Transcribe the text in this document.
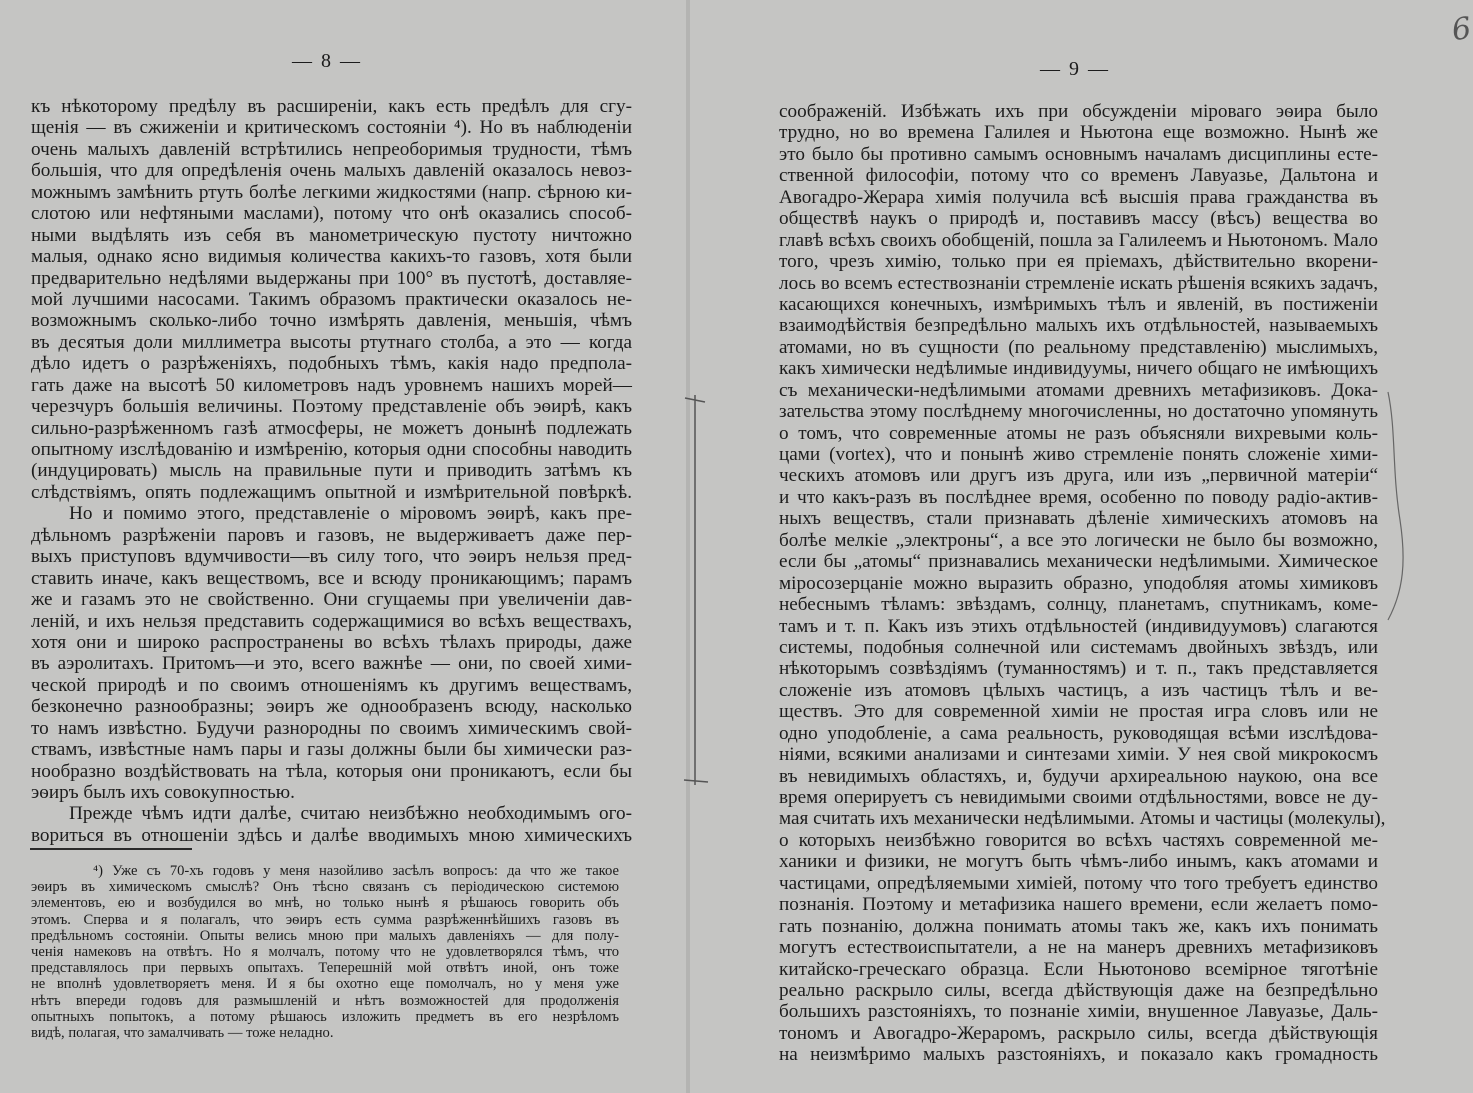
— 8 —	— 9 —
6
къ нѣкоторому предѣлу въ расширеніи, какъ есть предѣлъ для сгу-
щенія — въ сжиженіи и критическомъ состояніи ⁴). Но въ наблюденіи
очень малыхъ давленій встрѣтились непреоборимыя трудности, тѣмъ
большія, что для опредѣленія очень малыхъ давленій оказалось невоз-
можнымъ замѣнить ртуть болѣе легкими жидкостями (напр. сѣрною ки-
слотою или нефтяными маслами), потому что онѣ оказались способ-
ными выдѣлять изъ себя въ манометрическую пустоту ничтожно
малыя, однако ясно видимыя количества какихъ-то газовъ, хотя были
предварительно недѣлями выдержаны при 100° въ пустотѣ, доставляе-
мой лучшими насосами. Такимъ образомъ практически оказалось не-
возможнымъ сколько-либо точно измѣрять давленія, меньшія, чѣмъ
въ десятыя доли миллиметра высоты ртутнаго столба, а это — когда
дѣло идетъ о разрѣженіяхъ, подобныхъ тѣмъ, какія надо предпола-
гать даже на высотѣ 50 километровъ надъ уровнемъ нашихъ морей—
черезчуръ большія величины. Поэтому представленіе объ эѳирѣ, какъ
сильно-разрѣженномъ газѣ атмосферы, не можетъ донынѣ подлежать
опытному изслѣдованію и измѣренію, которыя одни способны наводить
(индуцировать) мысль на правильные пути и приводить затѣмъ къ
слѣдствіямъ, опять подлежащимъ опытной и измѣрительной повѣркѣ.
Но и помимо этого, представленіе о міровомъ эѳирѣ, какъ пре-
дѣльномъ разрѣженіи паровъ и газовъ, не выдерживаетъ даже пер-
выхъ приступовъ вдумчивости—въ силу того, что эѳиръ нельзя пред-
ставить иначе, какъ веществомъ, все и всюду проникающимъ; парамъ
же и газамъ это не свойственно. Они сгущаемы при увеличеніи дав-
леній, и ихъ нельзя представить содержащимися во всѣхъ веществахъ,
хотя они и широко распространены во всѣхъ тѣлахъ природы, даже
въ аэролитахъ. Притомъ—и это, всего важнѣе — они, по своей хими-
ческой природѣ и по своимъ отношеніямъ къ другимъ веществамъ,
безконечно разнообразны; эѳиръ же однообразенъ всюду, насколько
то намъ извѣстно. Будучи разнородны по своимъ химическимъ свой-
ствамъ, извѣстные намъ пары и газы должны были бы химически раз-
нообразно воздѣйствовать на тѣла, которыя они проникаютъ, если бы
эѳиръ былъ ихъ совокупностью.
Прежде чѣмъ идти далѣе, считаю неизбѣжно необходимымъ ого-
вориться въ отношеніи здѣсь и далѣе вводимыхъ мною химическихъ
⁴) Уже съ 70-хъ годовъ у меня назойливо засѣлъ вопросъ: да что же такое
эѳиръ въ химическомъ смыслѣ? Онъ тѣсно связанъ съ періодическою системою
элементовъ, ею и возбудился во мнѣ, но только нынѣ я рѣшаюсь говорить объ
этомъ. Сперва и я полагалъ, что эѳиръ есть сумма разрѣженнѣйшихъ газовъ въ
предѣльномъ состояніи. Опыты велись мною при малыхъ давленіяхъ — для полу-
ченія намековъ на отвѣтъ. Но я молчалъ, потому что не удовлетворялся тѣмъ, что
представлялось при первыхъ опытахъ. Теперешній мой отвѣтъ иной, онъ тоже
не вполнѣ удовлетворяетъ меня. И я бы охотно еще помолчалъ, но у меня уже
нѣтъ впереди годовъ для размышленій и нѣтъ возможностей для продолженія
опытныхъ попытокъ, а потому рѣшаюсь изложить предметъ въ его незрѣломъ
видѣ, полагая, что замалчивать — тоже неладно.
соображеній. Избѣжать ихъ при обсужденіи міроваго эѳира было
трудно, но во времена Галилея и Ньютона еще возможно. Нынѣ же
это было бы противно самымъ основнымъ началамъ дисциплины есте-
ственной философіи, потому что со временъ Лавуазье, Дальтона и
Авогадро-Жерара химія получила всѣ высшія права гражданства въ
обществѣ наукъ о природѣ и, поставивъ массу (вѣсъ) вещества во
главѣ всѣхъ своихъ обобщеній, пошла за Галилеемъ и Ньютономъ. Мало
того, чрезъ химію, только при ея пріемахъ, дѣйствительно вкорени-
лось во всемъ естествознаніи стремленіе искать рѣшенія всякихъ задачъ,
касающихся конечныхъ, измѣримыхъ тѣлъ и явленій, въ постиженіи
взаимодѣйствія безпредѣльно малыхъ ихъ отдѣльностей, называемыхъ
атомами, но въ сущности (по реальному представленію) мыслимыхъ,
какъ химически недѣлимые индивидуумы, ничего общаго не имѣющихъ
съ механически-недѣлимыми атомами древнихъ метафизиковъ. Дока-
зательства этому послѣднему многочисленны, но достаточно упомянуть
о томъ, что современные атомы не разъ объясняли вихревыми коль-
цами (vortex), что и понынѣ живо стремленіе понять сложеніе хими-
ческихъ атомовъ или другъ изъ друга, или изъ „первичной матеріи“
и что какъ-разъ въ послѣднее время, особенно по поводу радіо-актив-
ныхъ веществъ, стали признавать дѣленіе химическихъ атомовъ на
болѣе мелкіе „электроны“, а все это логически не было бы возможно,
если бы „атомы“ признавались механически недѣлимыми. Химическое
міросозерцаніе можно выразить образно, уподобляя атомы химиковъ
небеснымъ тѣламъ: звѣздамъ, солнцу, планетамъ, спутникамъ, коме-
тамъ и т. п. Какъ изъ этихъ отдѣльностей (индивидуумовъ) слагаются
системы, подобныя солнечной или системамъ двойныхъ звѣздъ, или
нѣкоторымъ созвѣздіямъ (туманностямъ) и т. п., такъ представляется
сложеніе изъ атомовъ цѣлыхъ частицъ, а изъ частицъ тѣлъ и ве-
ществъ. Это для современной химіи не простая игра словъ или не
одно уподобленіе, а сама реальность, руководящая всѣми изслѣдова-
ніями, всякими анализами и синтезами химіи. У нея свой микрокосмъ
въ невидимыхъ областяхъ, и, будучи архиреальною наукою, она все
время оперируетъ съ невидимыми своими отдѣльностями, вовсе не ду-
мая считать ихъ механически недѣлимыми. Атомы и частицы (молекулы),
о которыхъ неизбѣжно говорится во всѣхъ частяхъ современной ме-
ханики и физики, не могутъ быть чѣмъ-либо инымъ, какъ атомами и
частицами, опредѣляемыми химіей, потому что того требуетъ единство
познанія. Поэтому и метафизика нашего времени, если желаетъ помо-
гать познанію, должна понимать атомы такъ же, какъ ихъ понимать
могутъ естествоиспытатели, а не на манеръ древнихъ метафизиковъ
китайско-греческаго образца. Если Ньютоново всемірное тяготѣніе
реально раскрыло силы, всегда дѣйствующія даже на безпредѣльно
большихъ разстояніяхъ, то познаніе химіи, внушенное Лавуазье, Даль-
тономъ и Авогадро-Жераромъ, раскрыло силы, всегда дѣйствующія
на неизмѣримо малыхъ разстояніяхъ, и показало какъ громадность
